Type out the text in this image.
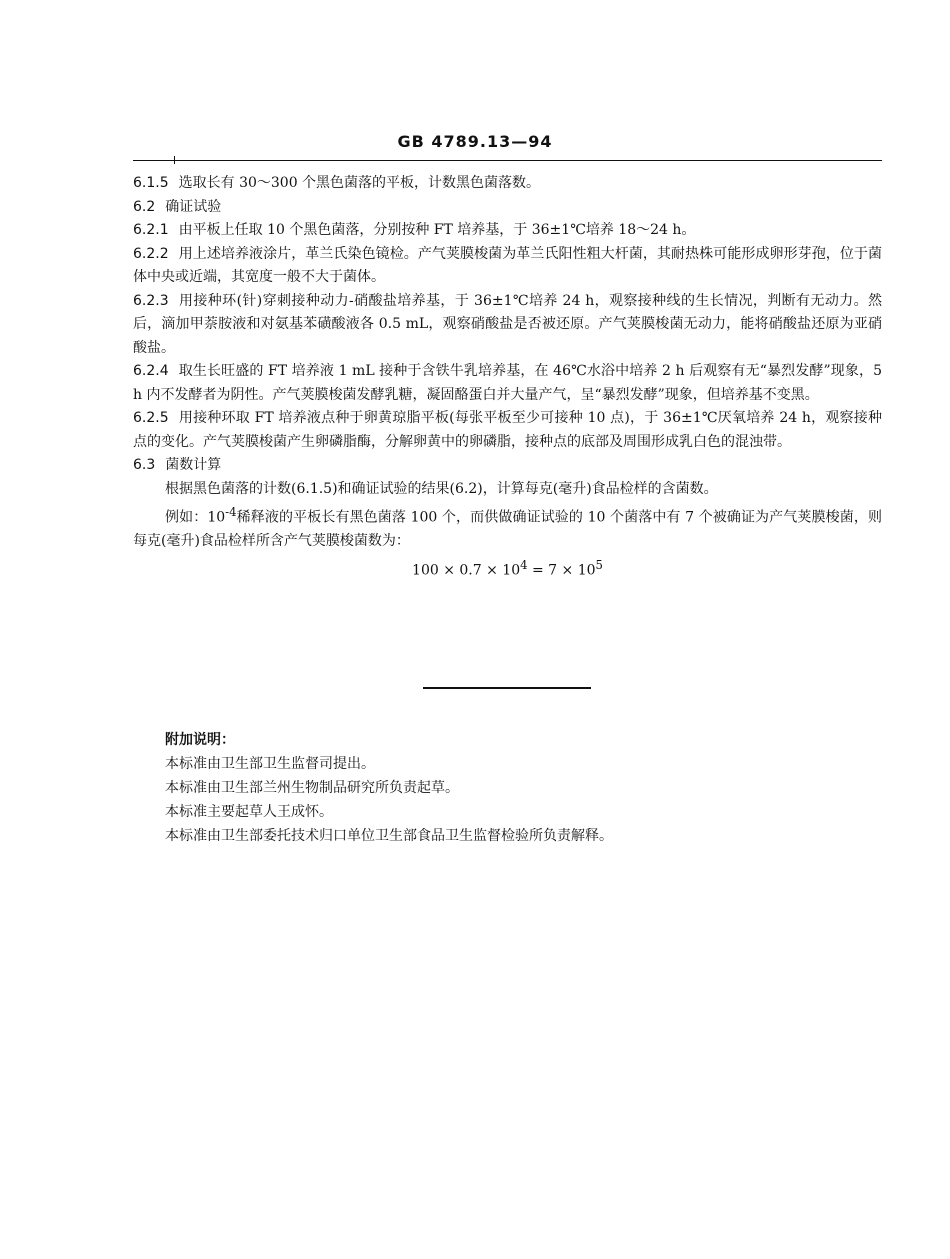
GB 4789.13—94

6.1.5 选取长有 30～300 个黑色菌落的平板，计数黑色菌落数。

6.2 确证试验

6.2.1 由平板上任取 10 个黑色菌落，分别按种 FT 培养基，于 36±1℃培养 18～24 h。

6.2.2 用上述培养液涂片，革兰氏染色镜检。产气荚膜梭菌为革兰氏阳性粗大杆菌，其耐热株可能形成卵形芽孢，位于菌体中央或近端，其宽度一般不大于菌体。

6.2.3 用接种环(针)穿刺接种动力-硝酸盐培养基，于 36±1℃培养 24 h，观察接种线的生长情况，判断有无动力。然后，滴加甲萘胺液和对氨基苯磺酸液各 0.5 mL，观察硝酸盐是否被还原。产气荚膜梭菌无动力，能将硝酸盐还原为亚硝酸盐。

6.2.4 取生长旺盛的 FT 培养液 1 mL 接种于含铁牛乳培养基，在 46℃水浴中培养 2 h 后观察有无“暴烈发酵”现象，5 h 内不发酵者为阴性。产气荚膜梭菌发酵乳糖，凝固酪蛋白并大量产气，呈“暴烈发酵”现象，但培养基不变黑。

6.2.5 用接种环取 FT 培养液点种于卵黄琼脂平板(每张平板至少可接种 10 点)，于 36±1℃厌氧培养 24 h，观察接种点的变化。产气荚膜梭菌产生卵磷脂酶，分解卵黄中的卵磷脂，接种点的底部及周围形成乳白色的混浊带。

6.3 菌数计算

根据黑色菌落的计数(6.1.5)和确证试验的结果(6.2)，计算每克(毫升)食品检样的含菌数。

例如：$10^{-4}$稀释液的平板长有黑色菌落 100 个，而供做确证试验的 10 个菌落中有 7 个被确证为产气荚膜梭菌，则每克(毫升)食品检样所含产气荚膜梭菌数为：

$100 \times 0.7 \times 10^4 = 7 \times 10^5$

附加说明：

本标准由卫生部卫生监督司提出。

本标准由卫生部兰州生物制品研究所负责起草。

本标准主要起草人王成怀。

本标准由卫生部委托技术归口单位卫生部食品卫生监督检验所负责解释。
